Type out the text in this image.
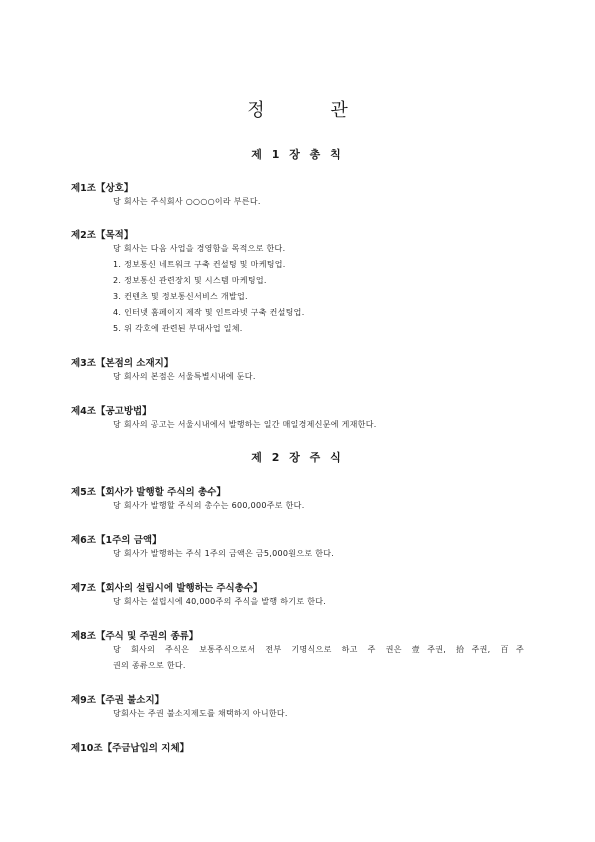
정 관
제 1 장 총 칙
제1조【상호】
당 회사는 주식회사 ○○○○이라 부른다.
제2조【목적】
당 회사는 다음 사업을 경영함을 목적으로 한다.
1. 정보통신 네트워크 구축 컨설팅 및 마케팅업.
2. 정보통신 관련장치 및 시스템 마케팅업.
3. 컨텐츠 및 정보통신서비스 개발업.
4. 인터넷 홈페이지 제작 및 인트라넷 구축 컨설팅업.
5. 위 각호에 관련된 부대사업 일체.
제3조【본점의 소재지】
당 회사의 본점은 서울특별시내에 둔다.
제4조【공고방법】
당 회사의 공고는 서울시내에서 발행하는 일간 매일경제신문에 게재한다.
제 2 장 주 식
제5조【회사가 발행할 주식의 총수】
당 회사가 발행할 주식의 총수는 600,000주로 한다.
제6조【1주의 금액】
당 회사가 발행하는 주식 1주의 금액은 금5,000원으로 한다.
제7조【회사의 설립시에 발행하는 주식총수】
당 회사는 설립시에 40,000주의 주식을 발행 하기로 한다.
제8조【주식 및 주권의 종류】
당 회사의 주식은 보통주식으로서 전부 기명식으로 하고 주 권은 壹주권, 拾주권, 百주
권의 종류으로 한다.
제9조【주권 불소지】
당회사는 주권 불소지제도를 채택하지 아니한다.
제10조【주금납입의 지체】
